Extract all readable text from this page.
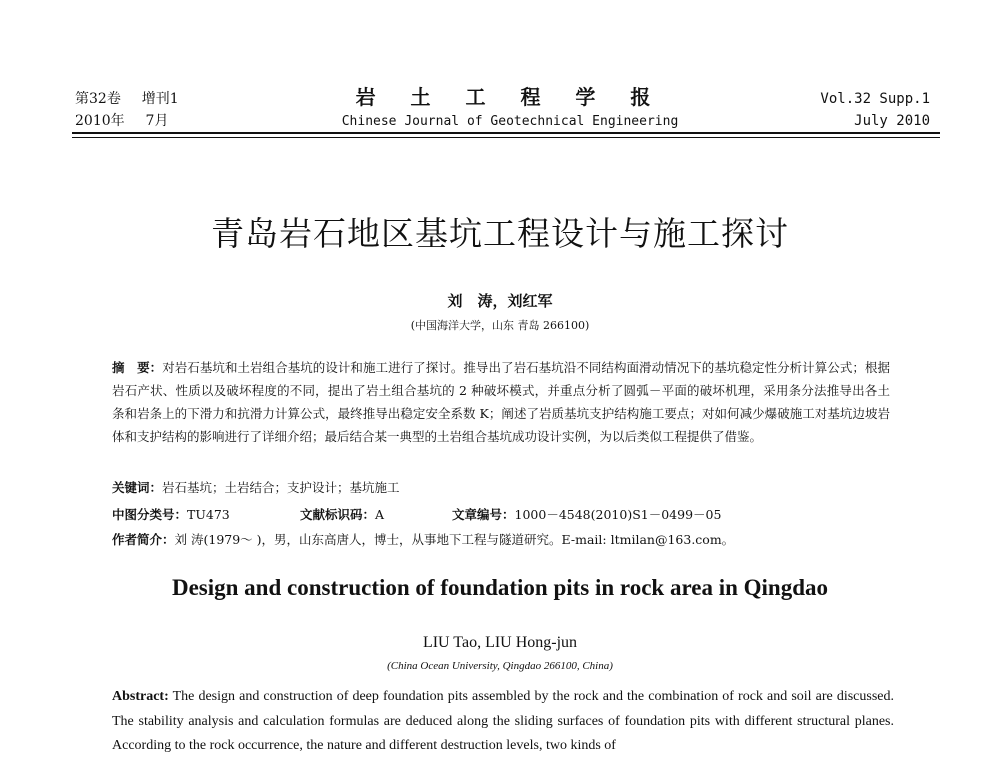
第32卷 增刊1
2010年 7月
岩 土 工 程 学 报
Chinese Journal of Geotechnical Engineering
Vol.32 Supp.1
July 2010
青岛岩石地区基坑工程设计与施工探讨
刘　涛，刘红军
(中国海洋大学，山东 青岛 266100)
摘　要：对岩石基坑和土岩组合基坑的设计和施工进行了探讨。推导出了岩石基坑沿不同结构面滑动情况下的基坑稳定性分析计算公式；根据岩石产状、性质以及破坏程度的不同，提出了岩土组合基坑的 2 种破坏模式，并重点分析了圆弧－平面的破坏机理，采用条分法推导出各土条和岩条上的下滑力和抗滑力计算公式，最终推导出稳定安全系数 K；阐述了岩质基坑支护结构施工要点；对如何减少爆破施工对基坑边坡岩体和支护结构的影响进行了详细介绍；最后结合某一典型的土岩组合基坑成功设计实例，为以后类似工程提供了借鉴。
关键词：岩石基坑；土岩结合；支护设计；基坑施工
中图分类号：TU473	文献标识码：A	文章编号：1000－4548(2010)S1－0499－05
作者简介：刘 涛(1979～ )，男，山东高唐人，博士，从事地下工程与隧道研究。E-mail: ltmilan@163.com。
Design and construction of foundation pits in rock area in Qingdao
LIU Tao, LIU Hong-jun
(China Ocean University, Qingdao 266100, China)
Abstract: The design and construction of deep foundation pits assembled by the rock and the combination of rock and soil are discussed. The stability analysis and calculation formulas are deduced along the sliding surfaces of foundation pits with different structural planes. According to the rock occurrence, the nature and different destruction levels, two kinds of
